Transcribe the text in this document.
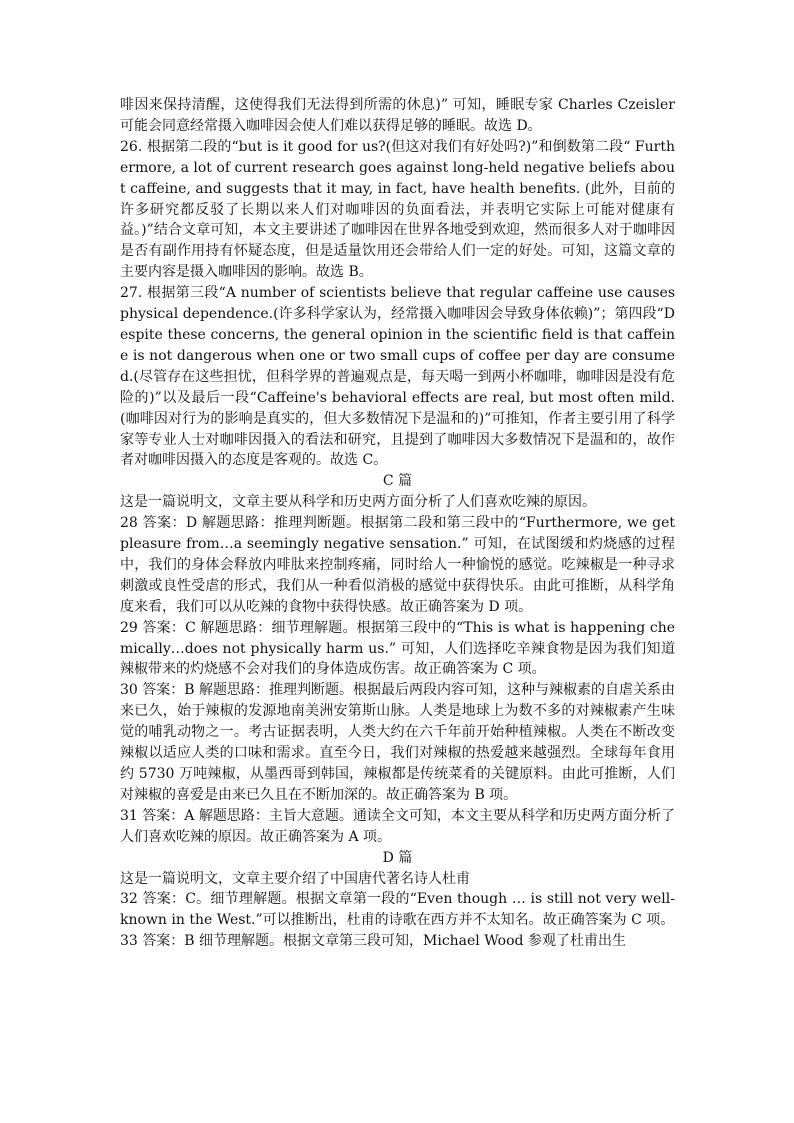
啡因来保持清醒，这使得我们无法得到所需的休息)” 可知，睡眠专家 Charles Czeisler 可能会同意经常摄入咖啡因会使人们难以获得足够的睡眠。故选 D。

26. 根据第二段的“but is it good for us?(但这对我们有好处吗?)”和倒数第二段“ Furthermore, a lot of current research goes against long-held negative beliefs about caffeine, and suggests that it may, in fact, have health benefits. (此外，目前的许多研究都反驳了长期以来人们对咖啡因的负面看法，并表明它实际上可能对健康有益。)”结合文章可知，本文主要讲述了咖啡因在世界各地受到欢迎，然而很多人对于咖啡因是否有副作用持有怀疑态度，但是适量饮用还会带给人们一定的好处。可知，这篇文章的主要内容是摄入咖啡因的影响。故选 B。

27. 根据第三段“A number of scientists believe that regular caffeine use causes physical dependence.(许多科学家认为，经常摄入咖啡因会导致身体依赖)”；第四段“Despite these concerns, the general opinion in the scientific field is that caffeine is not dangerous when one or two small cups of coffee per day are consumed.(尽管存在这些担忧，但科学界的普遍观点是，每天喝一到两小杯咖啡，咖啡因是没有危险的)”以及最后一段“Caffeine's behavioral effects are real, but most often mild.(咖啡因对行为的影响是真实的，但大多数情况下是温和的)”可推知，作者主要引用了科学家等专业人士对咖啡因摄入的看法和研究，且提到了咖啡因大多数情况下是温和的，故作者对咖啡因摄入的态度是客观的。故选 C。

C 篇

这是一篇说明文，文章主要从科学和历史两方面分析了人们喜欢吃辣的原因。

28 答案：D 解题思路：推理判断题。根据第二段和第三段中的“Furthermore, we get pleasure from…a seemingly negative sensation.” 可知，在试图缓和灼烧感的过程中，我们的身体会释放内啡肽来控制疼痛，同时给人一种愉悦的感觉。吃辣椒是一种寻求刺激或良性受虐的形式，我们从一种看似消极的感觉中获得快乐。由此可推断，从科学角度来看，我们可以从吃辣的食物中获得快感。故正确答案为 D 项。

29 答案：C 解题思路：细节理解题。根据第三段中的“This is what is happening chemically…does not physically harm us.” 可知，人们选择吃辛辣食物是因为我们知道辣椒带来的灼烧感不会对我们的身体造成伤害。故正确答案为 C 项。

30 答案：B 解题思路：推理判断题。根据最后两段内容可知，这种与辣椒素的自虐关系由来已久，始于辣椒的发源地南美洲安第斯山脉。人类是地球上为数不多的对辣椒素产生味觉的哺乳动物之一。考古证据表明，人类大约在六千年前开始种植辣椒。人类在不断改变辣椒以适应人类的口味和需求。直至今日，我们对辣椒的热爱越来越强烈。全球每年食用约 5730 万吨辣椒，从墨西哥到韩国，辣椒都是传统菜肴的关键原料。由此可推断，人们对辣椒的喜爱是由来已久且在不断加深的。故正确答案为 B 项。

31 答案：A 解题思路：主旨大意题。通读全文可知，本文主要从科学和历史两方面分析了人们喜欢吃辣的原因。故正确答案为 A 项。

D 篇

这是一篇说明文，文章主要介绍了中国唐代著名诗人杜甫

32 答案：C。细节理解题。根据文章第一段的“Even though … is still not very well-known in the West.”可以推断出，杜甫的诗歌在西方并不太知名。故正确答案为 C 项。

33 答案：B 细节理解题。根据文章第三段可知，Michael Wood 参观了杜甫出生
